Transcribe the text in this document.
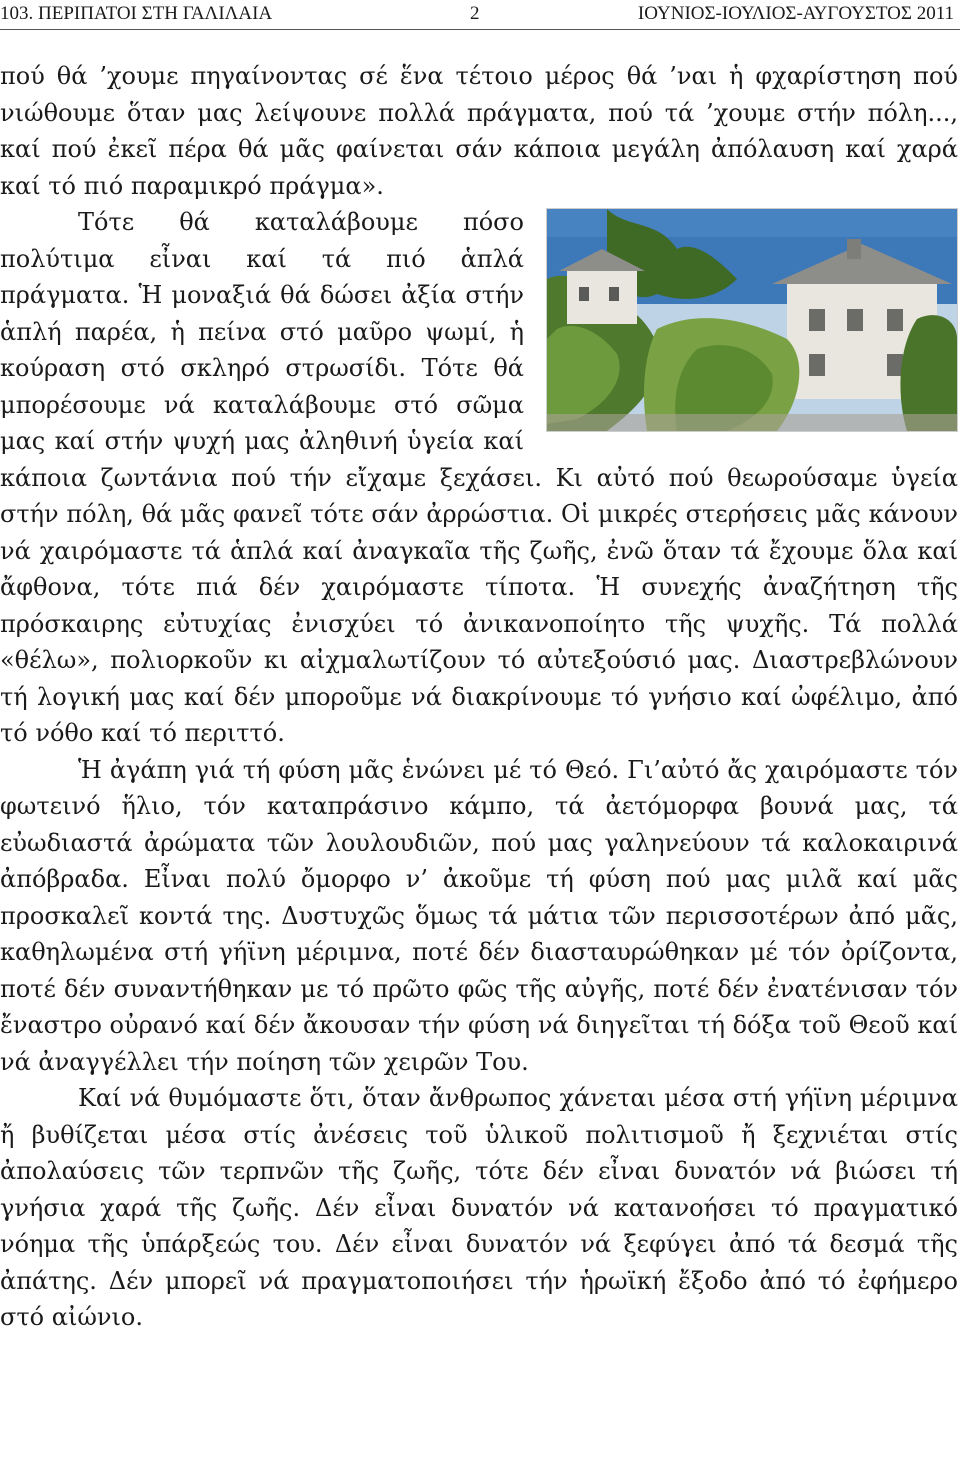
103. ΠΕΡΙΠΑΤΟΙ ΣΤΗ ΓΑΛΙΛΑΙΑ	2	ΙΟΥΝΙΟΣ-ΙΟΥΛΙΟΣ-ΑΥΓΟΥΣΤΟΣ 2011

πού θά ’χουμε πηγαίνοντας σέ ἕνα τέτοιο μέρος θά ’ναι ἡ φχαρίστηση πού νιώθουμε ὅταν μας λείψουνε πολλά πράγματα, πού τά ’χουμε στήν πόλη..., καί πού ἐκεῖ πέρα θά μᾶς φαίνεται σάν κάποια μεγάλη ἀπόλαυση καί χαρά καί τό πιό παραμικρό πράγμα».

Τότε θά καταλάβουμε πόσο πολύτιμα εἶναι καί τά πιό ἁπλά πράγματα. Ἡ μοναξιά θά δώσει ἀξία στήν ἁπλή παρέα, ἡ πείνα στό μαῦρο ψωμί, ἡ κούραση στό σκληρό στρωσίδι. Τότε θά μπορέσουμε νά καταλάβουμε στό σῶμα μας καί στήν ψυχή μας ἀληθινή ὑγεία καί κάποια ζωντάνια πού τήν εἴχαμε ξεχάσει. Κι αὐτό πού θεωρούσαμε ὑγεία στήν πόλη, θά μᾶς φανεῖ τότε σάν ἀρρώστια. Οἱ μικρές στερήσεις μᾶς κάνουν νά χαιρόμαστε τά ἁπλά καί ἀναγκαῖα τῆς ζωῆς, ἐνῶ ὅταν τά ἔχουμε ὅλα καί ἄφθονα, τότε πιά δέν χαιρόμαστε τίποτα. Ἡ συνεχής ἀναζήτηση τῆς πρόσκαιρης εὐτυχίας ἐνισχύει τό ἀνικανοποίητο τῆς ψυχῆς. Τά πολλά «θέλω», πολιορκοῦν κι αἰχμαλωτίζουν τό αὐτεξούσιό μας. Διαστρεβλώνουν τή λογική μας καί δέν μποροῦμε νά διακρίνουμε τό γνήσιο καί ὠφέλιμο, ἀπό τό νόθο καί τό περιττό.

Ἡ ἀγάπη γιά τή φύση μᾶς ἑνώνει μέ τό Θεό. Γι’αὐτό ἄς χαιρόμαστε τόν φωτεινό ἥλιο, τόν καταπράσινο κάμπο, τά ἀετόμορφα βουνά μας, τά εὐωδιαστά ἀρώματα τῶν λουλουδιῶν, πού μας γαληνεύουν τά καλοκαιρινά ἀπόβραδα. Εἶναι πολύ ὄμορφο ν’ ἀκοῦμε τή φύση πού μας μιλᾶ καί μᾶς προσκαλεῖ κοντά της. Δυστυχῶς ὅμως τά μάτια τῶν περισσοτέρων ἀπό μᾶς, καθηλωμένα στή γήϊνη μέριμνα, ποτέ δέν διασταυρώθηκαν μέ τόν ὀρίζοντα, ποτέ δέν συναντήθηκαν με τό πρῶτο φῶς τῆς αὐγῆς, ποτέ δέν ἐνατένισαν τόν ἔναστρο οὐρανό καί δέν ἄκουσαν τήν φύση νά διηγεῖται τή δόξα τοῦ Θεοῦ καί νά ἀναγγέλλει τήν ποίηση τῶν χειρῶν Του.

Καί νά θυμόμαστε ὅτι, ὅταν ἄνθρωπος χάνεται μέσα στή γήϊνη μέριμνα ἤ βυθίζεται μέσα στίς ἀνέσεις τοῦ ὑλικοῦ πολιτισμοῦ ἤ ξεχνιέται στίς ἀπολαύσεις τῶν τερπνῶν τῆς ζωῆς, τότε δέν εἶναι δυνατόν νά βιώσει τή γνήσια χαρά τῆς ζωῆς. Δέν εἶναι δυνατόν νά κατανοήσει τό πραγματικό νόημα τῆς ὑπάρξεώς του. Δέν εἶναι δυνατόν νά ξεφύγει ἀπό τά δεσμά τῆς ἀπάτης. Δέν μπορεῖ νά πραγματοποιήσει τήν ἡρωϊκή ἔξοδο ἀπό τό ἐφήμερο στό αἰώνιο.
